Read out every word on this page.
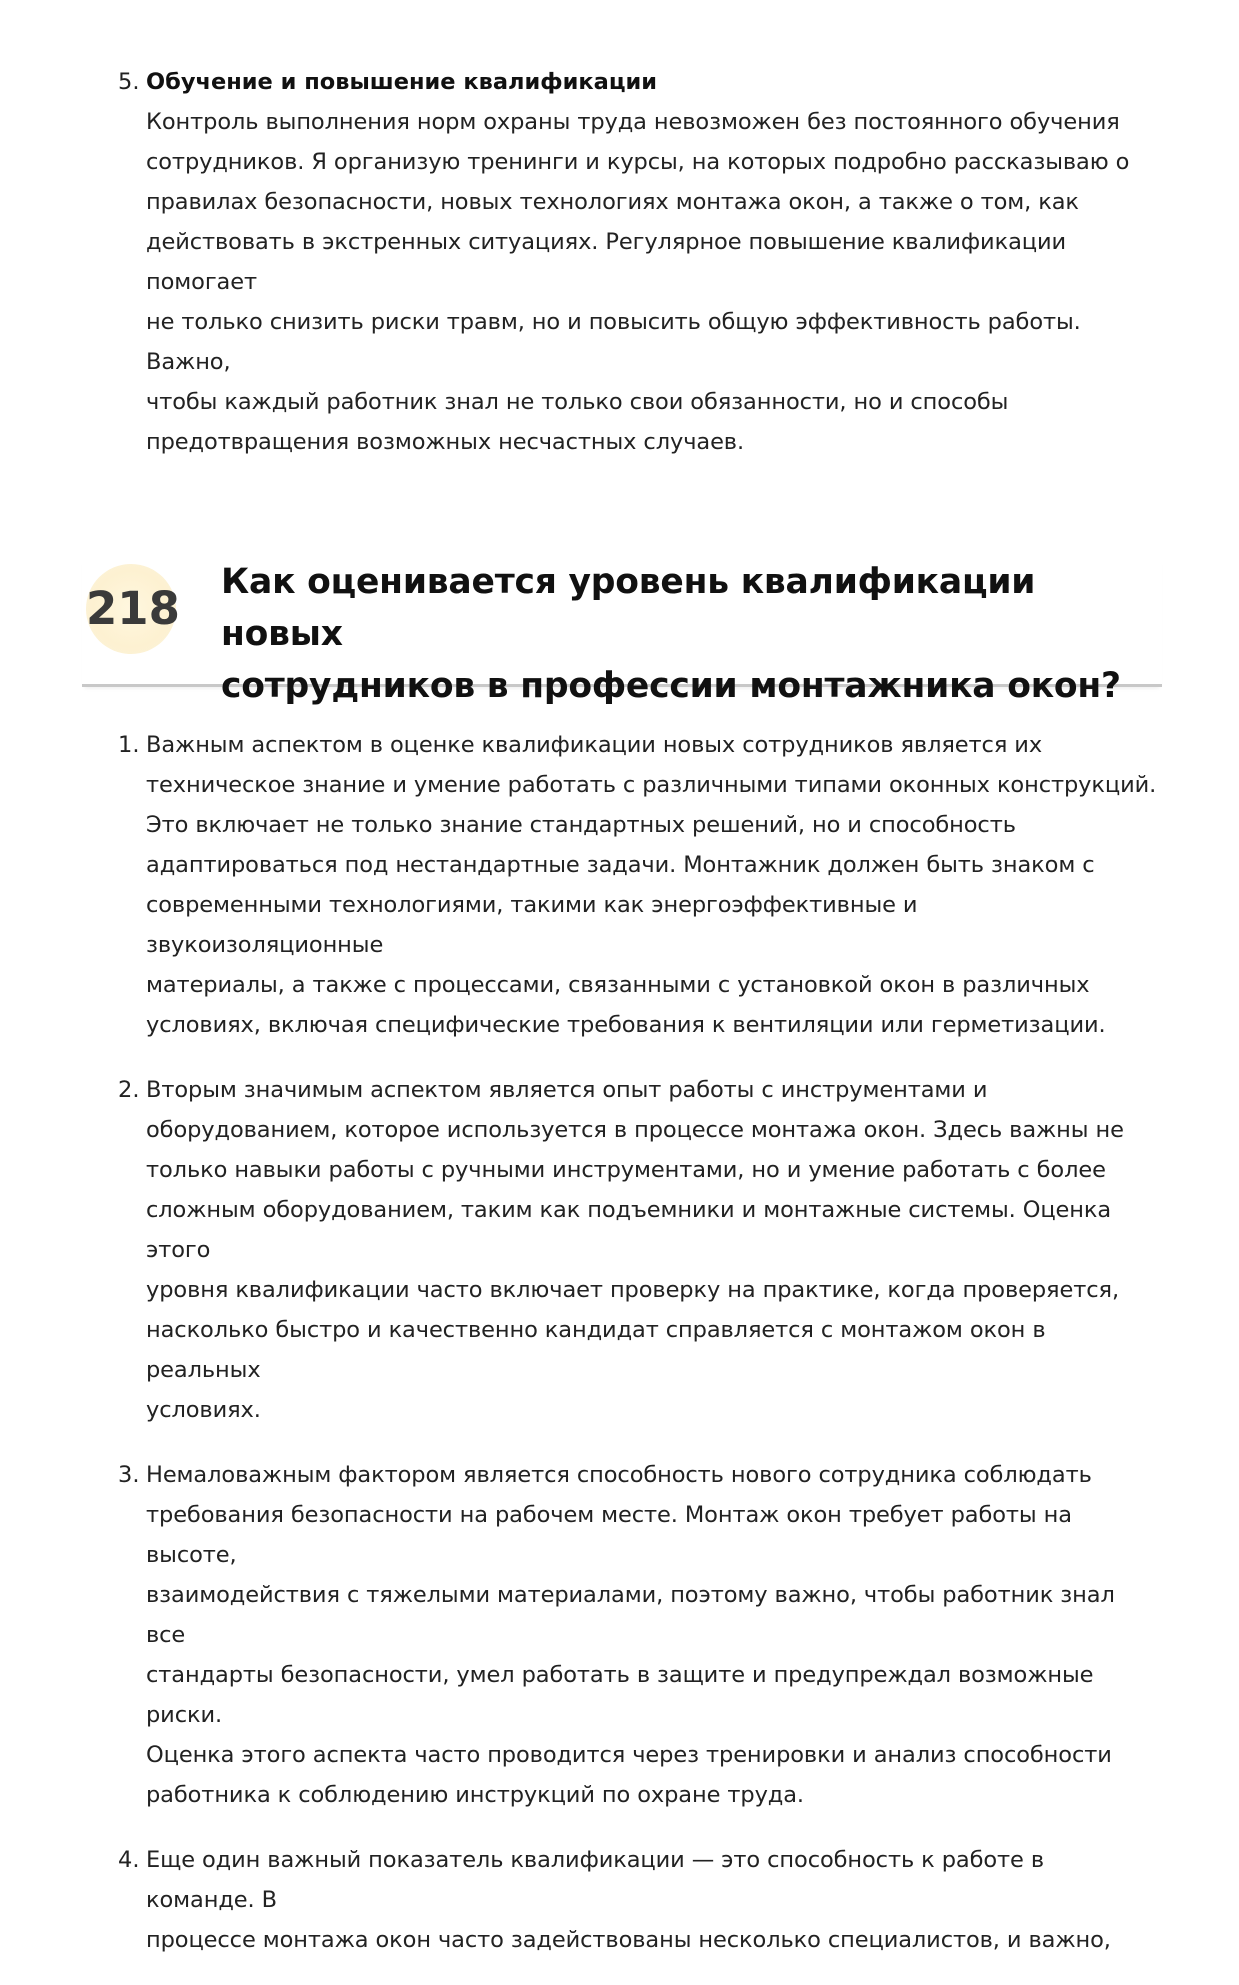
5. Обучение и повышение квалификации

Контроль выполнения норм охраны труда невозможен без постоянного обучения
сотрудников. Я организую тренинги и курсы, на которых подробно рассказываю о
правилах безопасности, новых технологиях монтажа окон, а также о том, как
действовать в экстренных ситуациях. Регулярное повышение квалификации помогает
не только снизить риски травм, но и повысить общую эффективность работы. Важно,
чтобы каждый работник знал не только свои обязанности, но и способы
предотвращения возможных несчастных случаев.

218 Как оценивается уровень квалификации новых
сотрудников в профессии монтажника окон?
1. Важным аспектом в оценке квалификации новых сотрудников является их
техническое знание и умение работать с различными типами оконных конструкций.
Это включает не только знание стандартных решений, но и способность
адаптироваться под нестандартные задачи. Монтажник должен быть знаком с
современными технологиями, такими как энергоэффективные и звукоизоляционные
материалы, а также с процессами, связанными с установкой окон в различных
условиях, включая специфические требования к вентиляции или герметизации.

2. Вторым значимым аспектом является опыт работы с инструментами и
оборудованием, которое используется в процессе монтажа окон. Здесь важны не
только навыки работы с ручными инструментами, но и умение работать с более
сложным оборудованием, таким как подъемники и монтажные системы. Оценка этого
уровня квалификации часто включает проверку на практике, когда проверяется,
насколько быстро и качественно кандидат справляется с монтажом окон в реальных
условиях.

3. Немаловажным фактором является способность нового сотрудника соблюдать
требования безопасности на рабочем месте. Монтаж окон требует работы на высоте,
взаимодействия с тяжелыми материалами, поэтому важно, чтобы работник знал все
стандарты безопасности, умел работать в защите и предупреждал возможные риски.
Оценка этого аспекта часто проводится через тренировки и анализ способности
работника к соблюдению инструкций по охране труда.

4. Еще один важный показатель квалификации — это способность к работе в команде. В
процессе монтажа окон часто задействованы несколько специалистов, и важно,
